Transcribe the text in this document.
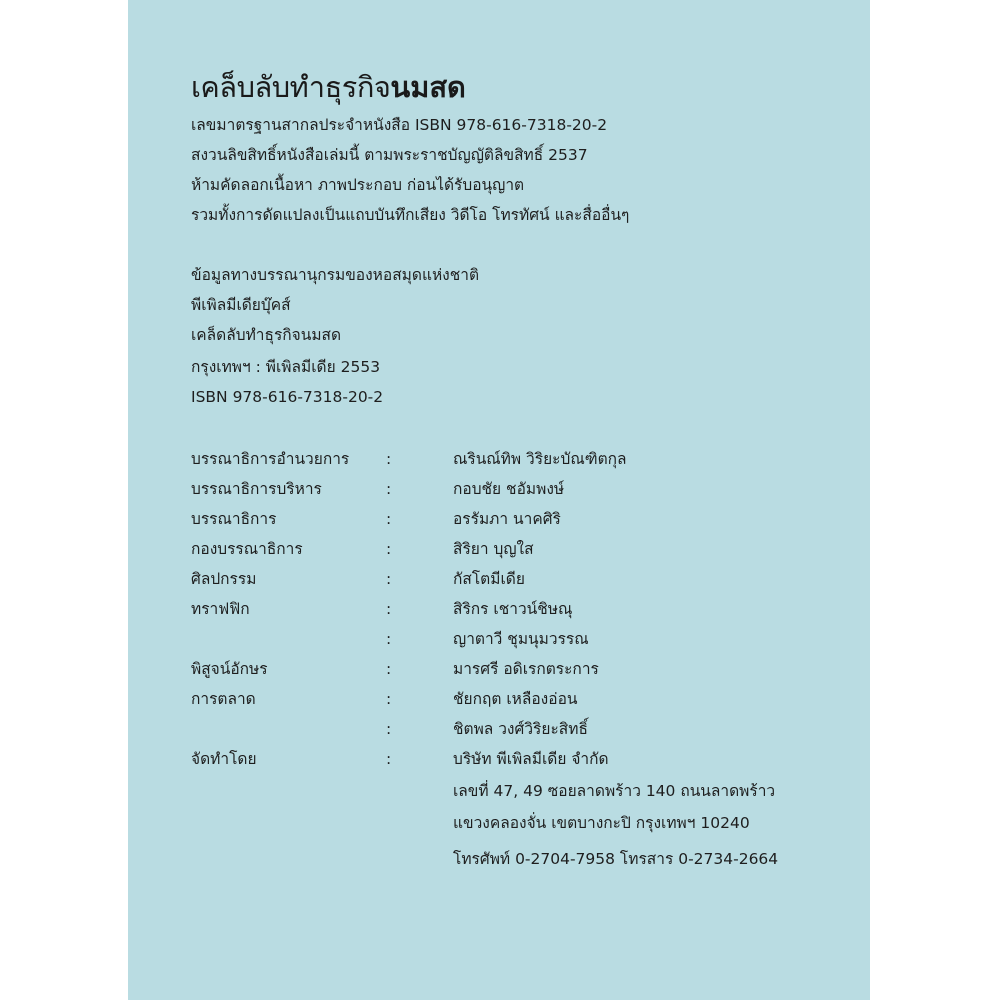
เคล็บลับทำธุรกิจนมสด
เลขมาตรฐานสากลประจำหนังสือ ISBN 978-616-7318-20-2
สงวนลิขสิทธิ์หนังสือเล่มนี้ ตามพระราชบัญญัติลิขสิทธิ์ 2537
ห้ามคัดลอกเนื้อหา ภาพประกอบ ก่อนได้รับอนุญาต
รวมทั้งการดัดแปลงเป็นแถบบันทึกเสียง วิดีโอ โทรทัศน์ และสื่ออื่นๆ
ข้อมูลทางบรรณานุกรมของหอสมุดแห่งชาติ
พีเพิลมีเดียบุ๊คส์
เคล็ดลับทำธุรกิจนมสด
กรุงเทพฯ : พีเพิลมีเดีย 2553
ISBN 978-616-7318-20-2
บรรณาธิการอำนวยการ :	ณรินณ์ทิพ วิริยะบัณฑิตกุล
บรรณาธิการบริหาร	:	กอบชัย ชอัมพงษ์
บรรณาธิการ	:	อรรัมภา นาคศิริ
กองบรรณาธิการ	:	สิริยา บุญใส
ศิลปกรรม	:	กัสโตมีเดีย
ทราฟฟิก	:	สิริกร เชาวน์ชิษณุ
:	ญาตาวี ชุมนุมวรรณ
พิสูจน์อักษร	:	มารศรี อดิเรกตระการ
การตลาด	:	ชัยกฤต เหลืองอ่อน
:	ชิตพล วงศ์วิริยะสิทธิ์
จัดทำโดย	:	บริษัท พีเพิลมีเดีย จำกัด
เลขที่ 47, 49 ซอยลาดพร้าว 140 ถนนลาดพร้าว
แขวงคลองจั่น เขตบางกะปิ กรุงเทพฯ 10240
โทรศัพท์ 0-2704-7958 โทรสาร 0-2734-2664
